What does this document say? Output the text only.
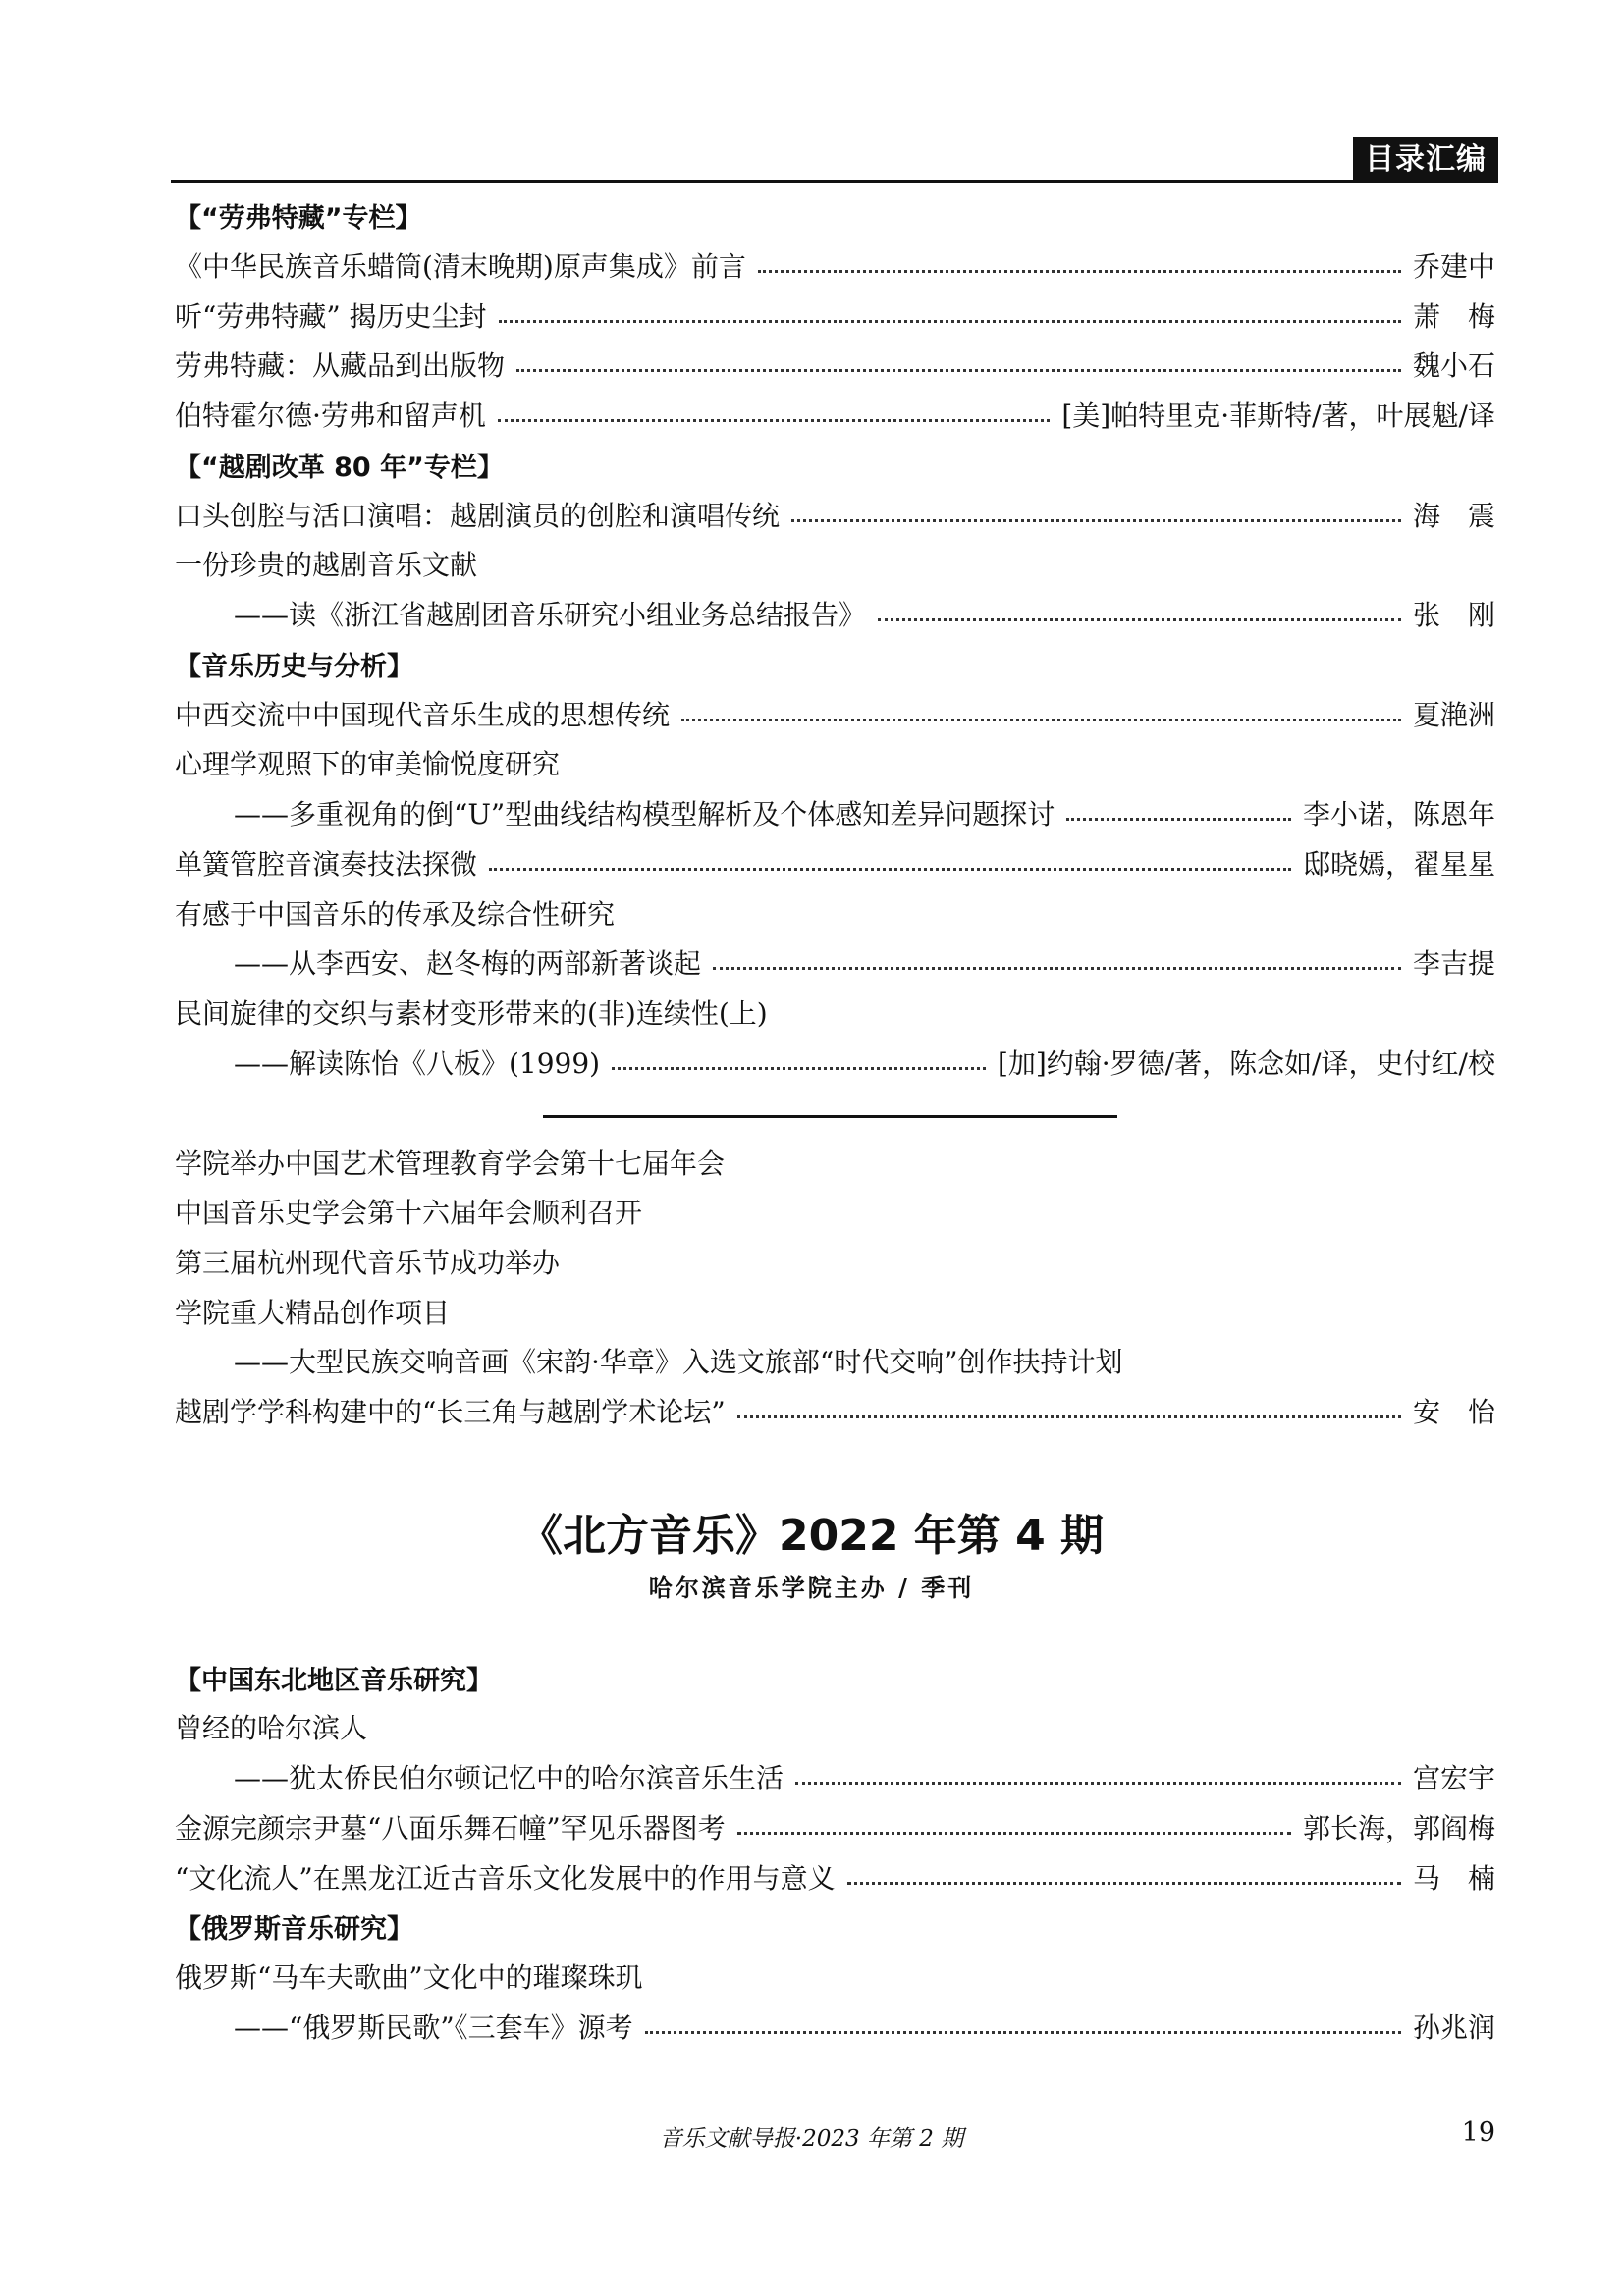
目录汇编
【“劳弗特藏”专栏】
《中华民族音乐蜡筒(清末晚期)原声集成》前言	乔建中
听“劳弗特藏” 揭历史尘封	萧　梅
劳弗特藏：从藏品到出版物	魏小石
伯特霍尔德·劳弗和留声机	[美]帕特里克·菲斯特/著，叶展魁/译
【“越剧改革 80 年”专栏】
口头创腔与活口演唱：越剧演员的创腔和演唱传统	海　震
一份珍贵的越剧音乐文献
——读《浙江省越剧团音乐研究小组业务总结报告》	张　刚
【音乐历史与分析】
中西交流中中国现代音乐生成的思想传统	夏滟洲
心理学观照下的审美愉悦度研究
——多重视角的倒“U”型曲线结构模型解析及个体感知差异问题探讨	李小诺，陈恩年
单簧管腔音演奏技法探微	邸晓嫣，翟星星
有感于中国音乐的传承及综合性研究
——从李西安、赵冬梅的两部新著谈起	李吉提
民间旋律的交织与素材变形带来的(非)连续性(上)
——解读陈怡《八板》(1999)	[加]约翰·罗德/著，陈念如/译，史付红/校
学院举办中国艺术管理教育学会第十七届年会
中国音乐史学会第十六届年会顺利召开
第三届杭州现代音乐节成功举办
学院重大精品创作项目
——大型民族交响音画《宋韵·华章》入选文旅部“时代交响”创作扶持计划
越剧学学科构建中的“长三角与越剧学术论坛”	安　怡
【中国东北地区音乐研究】
曾经的哈尔滨人
——犹太侨民伯尔顿记忆中的哈尔滨音乐生活	宫宏宇
金源完颜宗尹墓“八面乐舞石幢”罕见乐器图考	郭长海，郭阎梅
“文化流人”在黑龙江近古音乐文化发展中的作用与意义	马　楠
【俄罗斯音乐研究】
俄罗斯“马车夫歌曲”文化中的璀璨珠玑
——“俄罗斯民歌”《三套车》源考	孙兆润
《北方音乐》2022 年第 4 期
哈尔滨音乐学院主办 / 季刊
音乐文献导报·2023 年第 2 期	19
